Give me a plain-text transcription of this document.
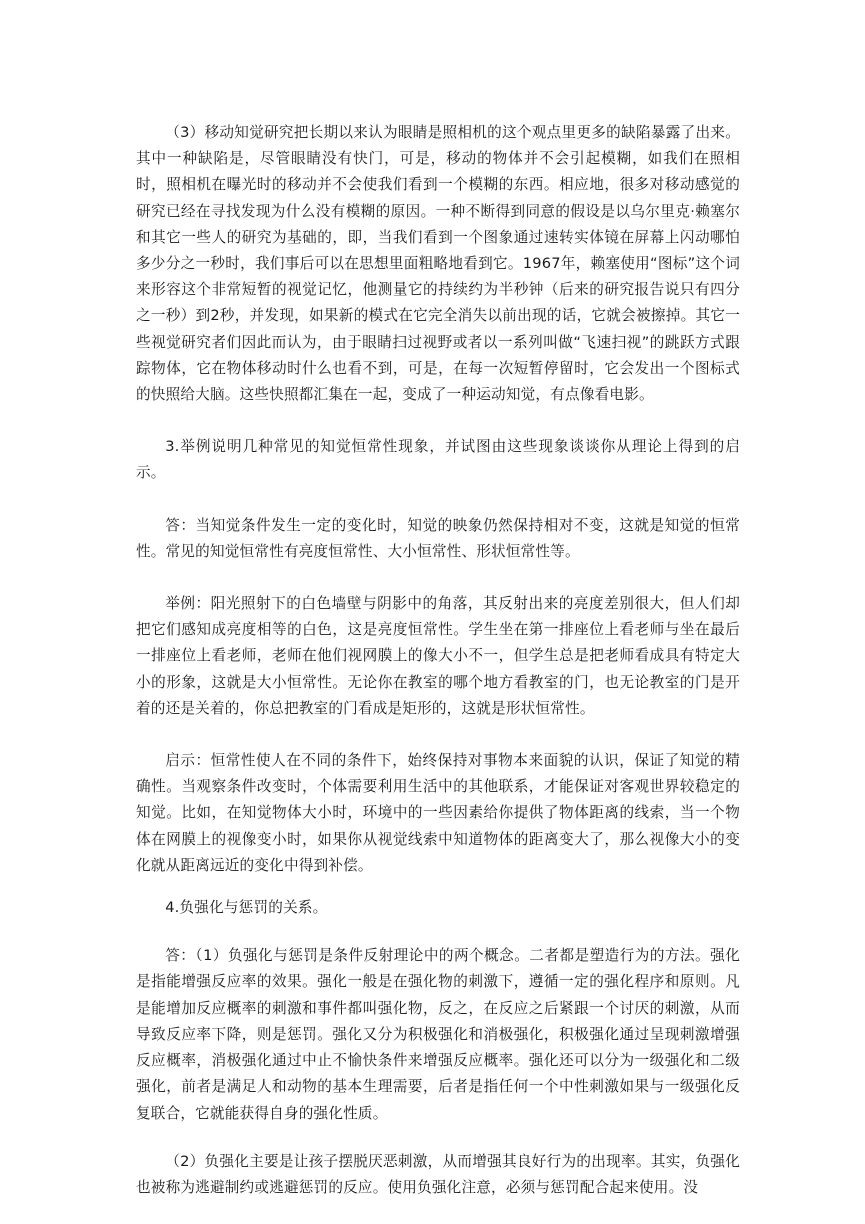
（3）移动知觉研究把长期以来认为眼睛是照相机的这个观点里更多的缺陷暴露了出来。其中一种缺陷是，尽管眼睛没有快门，可是，移动的物体并不会引起模糊，如我们在照相时，照相机在曝光时的移动并不会使我们看到一个模糊的东西。相应地，很多对移动感觉的研究已经在寻找发现为什么没有模糊的原因。一种不断得到同意的假设是以乌尔里克·赖塞尔和其它一些人的研究为基础的，即，当我们看到一个图象通过速转实体镜在屏幕上闪动哪怕多少分之一秒时，我们事后可以在思想里面粗略地看到它。1967年，赖塞使用“图标”这个词来形容这个非常短暂的视觉记忆，他测量它的持续约为半秒钟（后来的研究报告说只有四分之一秒）到2秒，并发现，如果新的模式在它完全消失以前出现的话，它就会被擦掉。其它一些视觉研究者们因此而认为，由于眼睛扫过视野或者以一系列叫做“飞速扫视”的跳跃方式跟踪物体，它在物体移动时什么也看不到，可是，在每一次短暂停留时，它会发出一个图标式的快照给大脑。这些快照都汇集在一起，变成了一种运动知觉，有点像看电影。

3.举例说明几种常见的知觉恒常性现象，并试图由这些现象谈谈你从理论上得到的启示。

答：当知觉条件发生一定的变化时，知觉的映象仍然保持相对不变，这就是知觉的恒常性。常见的知觉恒常性有亮度恒常性、大小恒常性、形状恒常性等。

举例：阳光照射下的白色墙壁与阴影中的角落，其反射出来的亮度差别很大，但人们却把它们感知成亮度相等的白色，这是亮度恒常性。学生坐在第一排座位上看老师与坐在最后一排座位上看老师，老师在他们视网膜上的像大小不一，但学生总是把老师看成具有特定大小的形象，这就是大小恒常性。无论你在教室的哪个地方看教室的门，也无论教室的门是开着的还是关着的，你总把教室的门看成是矩形的，这就是形状恒常性。

启示：恒常性使人在不同的条件下，始终保持对事物本来面貌的认识，保证了知觉的精确性。当观察条件改变时，个体需要利用生活中的其他联系，才能保证对客观世界较稳定的知觉。比如，在知觉物体大小时，环境中的一些因素给你提供了物体距离的线索，当一个物体在网膜上的视像变小时，如果你从视觉线索中知道物体的距离变大了，那么视像大小的变化就从距离远近的变化中得到补偿。

4.负强化与惩罚的关系。

答：（1）负强化与惩罚是条件反射理论中的两个概念。二者都是塑造行为的方法。强化是指能增强反应率的效果。强化一般是在强化物的刺激下，遵循一定的强化程序和原则。凡是能增加反应概率的刺激和事件都叫强化物，反之，在反应之后紧跟一个讨厌的刺激，从而导致反应率下降，则是惩罚。强化又分为积极强化和消极强化，积极强化通过呈现刺激增强反应概率，消极强化通过中止不愉快条件来增强反应概率。强化还可以分为一级强化和二级强化，前者是满足人和动物的基本生理需要，后者是指任何一个中性刺激如果与一级强化反复联合，它就能获得自身的强化性质。

（2）负强化主要是让孩子摆脱厌恶刺激，从而增强其良好行为的出现率。其实，负强化也被称为逃避制约或逃避惩罚的反应。使用负强化注意，必须与惩罚配合起来使用。没
